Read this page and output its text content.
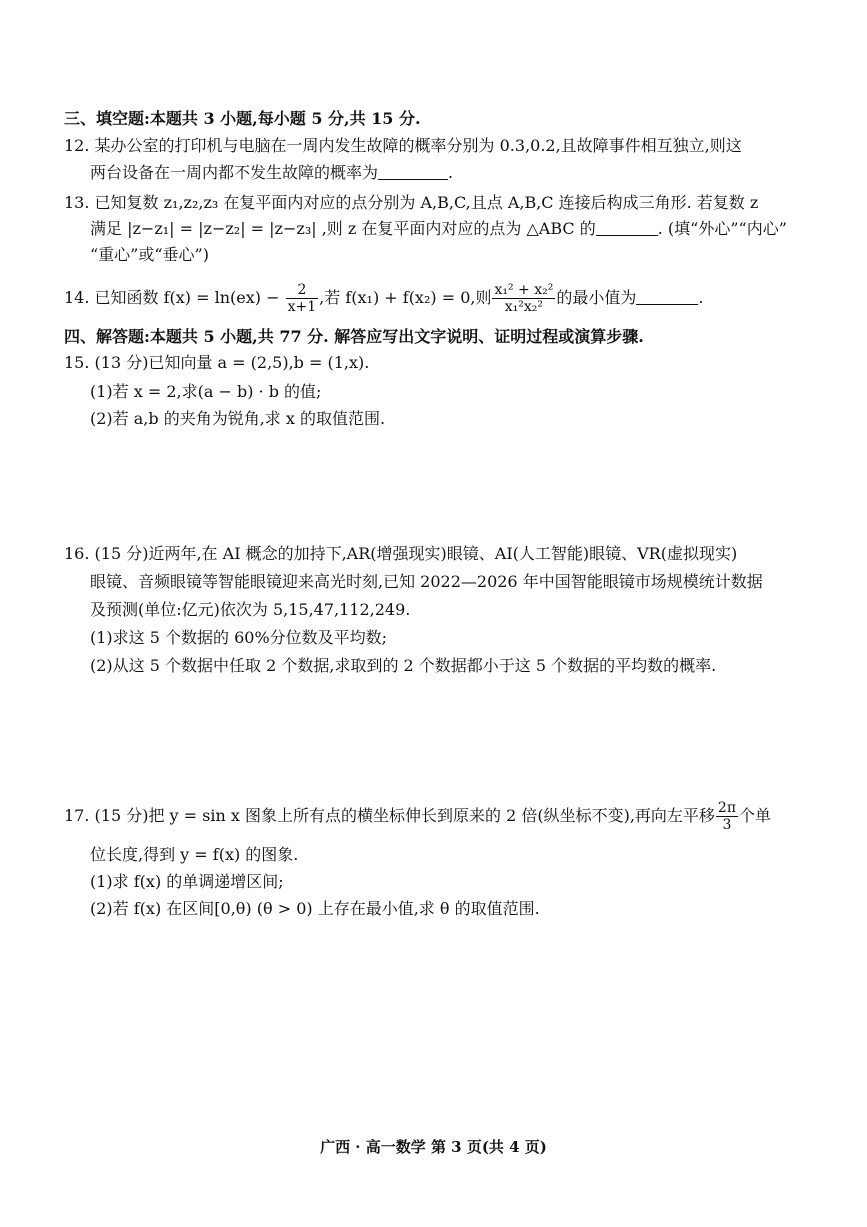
三、填空题:本题共 3 小题,每小题 5 分,共 15 分.
12. 某办公室的打印机与电脑在一周内发生故障的概率分别为 0.3,0.2,且故障事件相互独立,则这
两台设备在一周内都不发生故障的概率为	.
13. 已知复数 z₁,z₂,z₃ 在复平面内对应的点分别为 A,B,C,且点 A,B,C 连接后构成三角形. 若复数 z
满足 |z−z₁| = |z−z₂| = |z−z₃| ,则 z 在复平面内对应的点为 △ABC 的	. (填“外心”“内心”
“重心”或“垂心”)
14. 已知函数 $f(x) = \ln(ex) - \frac{2}{x+1}$ ,若 f(x₁) + f(x₂) = 0,则 $\frac{\text{x₁² + x₂²}}{\text{x₁²x₂²}}$ 的最小值为	.
四、解答题:本题共 5 小题,共 77 分. 解答应写出文字说明、证明过程或演算步骤.
15. (13 分)已知向量 a = (2,5),b = (1,x).
(1)若 x = 2,求(a − b) · b 的值;
(2)若 a,b 的夹角为锐角,求 x 的取值范围.
16. (15 分)近两年,在 AI 概念的加持下,AR(增强现实)眼镜、AI(人工智能)眼镜、VR(虚拟现实)
眼镜、音频眼镜等智能眼镜迎来高光时刻,已知 2022—2026 年中国智能眼镜市场规模统计数据
及预测(单位:亿元)依次为 5,15,47,112,249.
(1)求这 5 个数据的 60%分位数及平均数;
(2)从这 5 个数据中任取 2 个数据,求取到的 2 个数据都小于这 5 个数据的平均数的概率.
17. (15 分)把 y = sin x 图象上所有点的横坐标伸长到原来的 2 倍(纵坐标不变),再向左平移 $\frac{2\pi}{3}$ 个单
位长度,得到 y = f(x) 的图象.
(1)求 f(x) 的单调递增区间;
(2)若 f(x) 在区间[0,θ) (θ > 0) 上存在最小值,求 θ 的取值范围.
广西 · 高一数学 第 3 页(共 4 页)
